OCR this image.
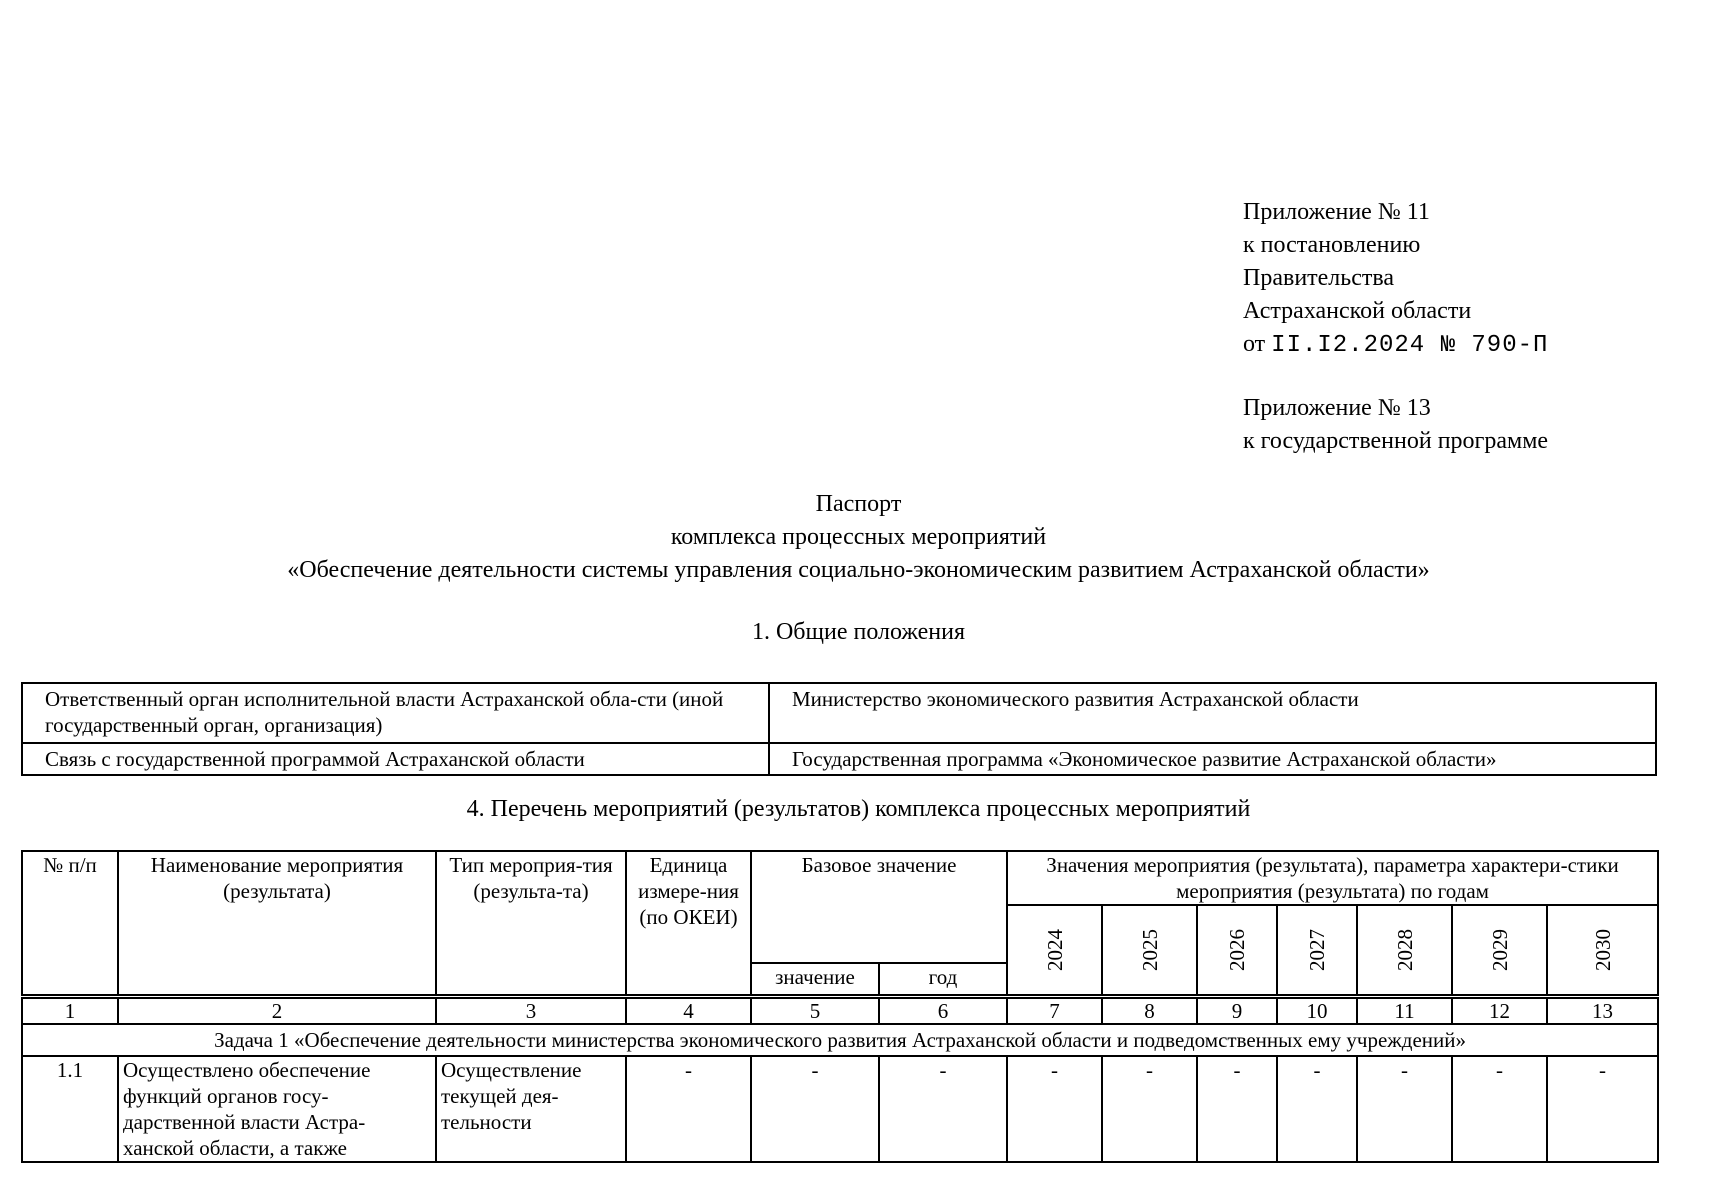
Приложение № 11
к постановлению
Правительства
Астраханской области
от II.I2.2024 № 790-П
Приложение № 13
к государственной программе
Паспорт
комплекса процессных мероприятий
«Обеспечение деятельности системы управления социально-экономическим развитием Астраханской области»
1. Общие положения
Ответственный орган исполнительной власти Астраханской обла-сти (иной государственный орган, организация)	Министерство экономического развития Астраханской области
Связь с государственной программой Астраханской области	Государственная программа «Экономическое развитие Астраханской области»
4. Перечень мероприятий (результатов) комплекса процессных мероприятий
№ п/п	Наименование мероприятия (результата)	Тип мероприя-тия (результа-та)	Единица измере-ния (по ОКЕИ)	Базовое значение		Значения мероприятия (результата), параметра характери-стики мероприятия (результата) по годам						
						2024	2025	2026	2027	2028	2029	2030
				значение	год							
1	2	3	4	5	6	7	8	9	10	11	12	13
Задача 1 «Обеспечение деятельности министерства экономического развития Астраханской области и подведомственных ему учреждений»												
1.1	Осуществлено обеспечение функций органов госу-дарственной власти Астра-ханской области, а также	Осуществление текущей дея-тельности	-	-	-	-	-	-	-	-	-	-
